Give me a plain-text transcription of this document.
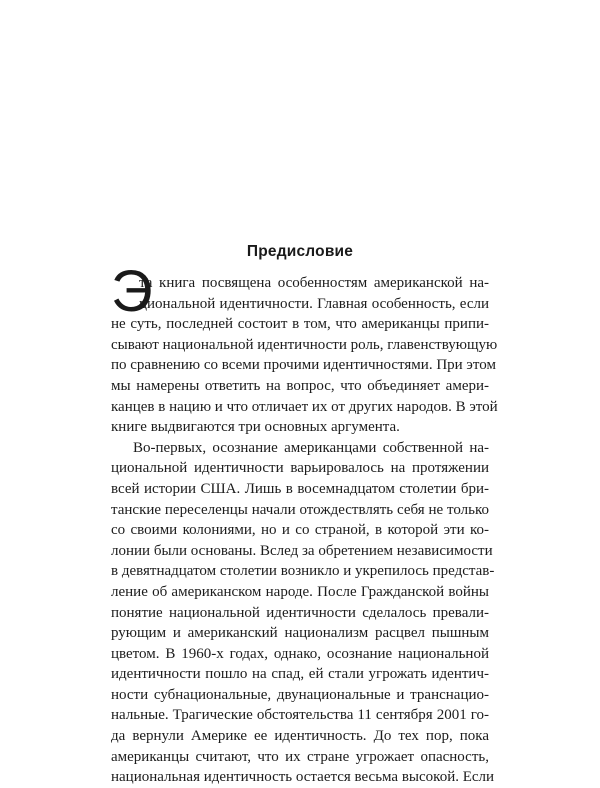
Предисловие
Э
та книга посвящена особенностям американской на-
циональной идентичности. Главная особенность, если
не суть, последней состоит в том, что американцы припи-
сывают национальной идентичности роль, главенствующую
по сравнению со всеми прочими идентичностями. При этом
мы намерены ответить на вопрос, что объединяет амери-
канцев в нацию и что отличает их от других народов. В этой
книге выдвигаются три основных аргумента.
Во-первых, осознание американцами собственной на-
циональной идентичности варьировалось на протяжении
всей истории США. Лишь в восемнадцатом столетии бри-
танские переселенцы начали отождествлять себя не только
со своими колониями, но и со страной, в которой эти ко-
лонии были основаны. Вслед за обретением независимости
в девятнадцатом столетии возникло и укрепилось представ-
ление об американском народе. После Гражданской войны
понятие национальной идентичности сделалось превали-
рующим и американский национализм расцвел пышным
цветом. В 1960-х годах, однако, осознание национальной
идентичности пошло на спад, ей стали угрожать идентич-
ности субнациональные, двунациональные и транснацио-
нальные. Трагические обстоятельства 11 сентября 2001 го-
да вернули Америке ее идентичность. До тех пор, пока
американцы считают, что их стране угрожает опасность,
национальная идентичность остается весьма высокой. Если
